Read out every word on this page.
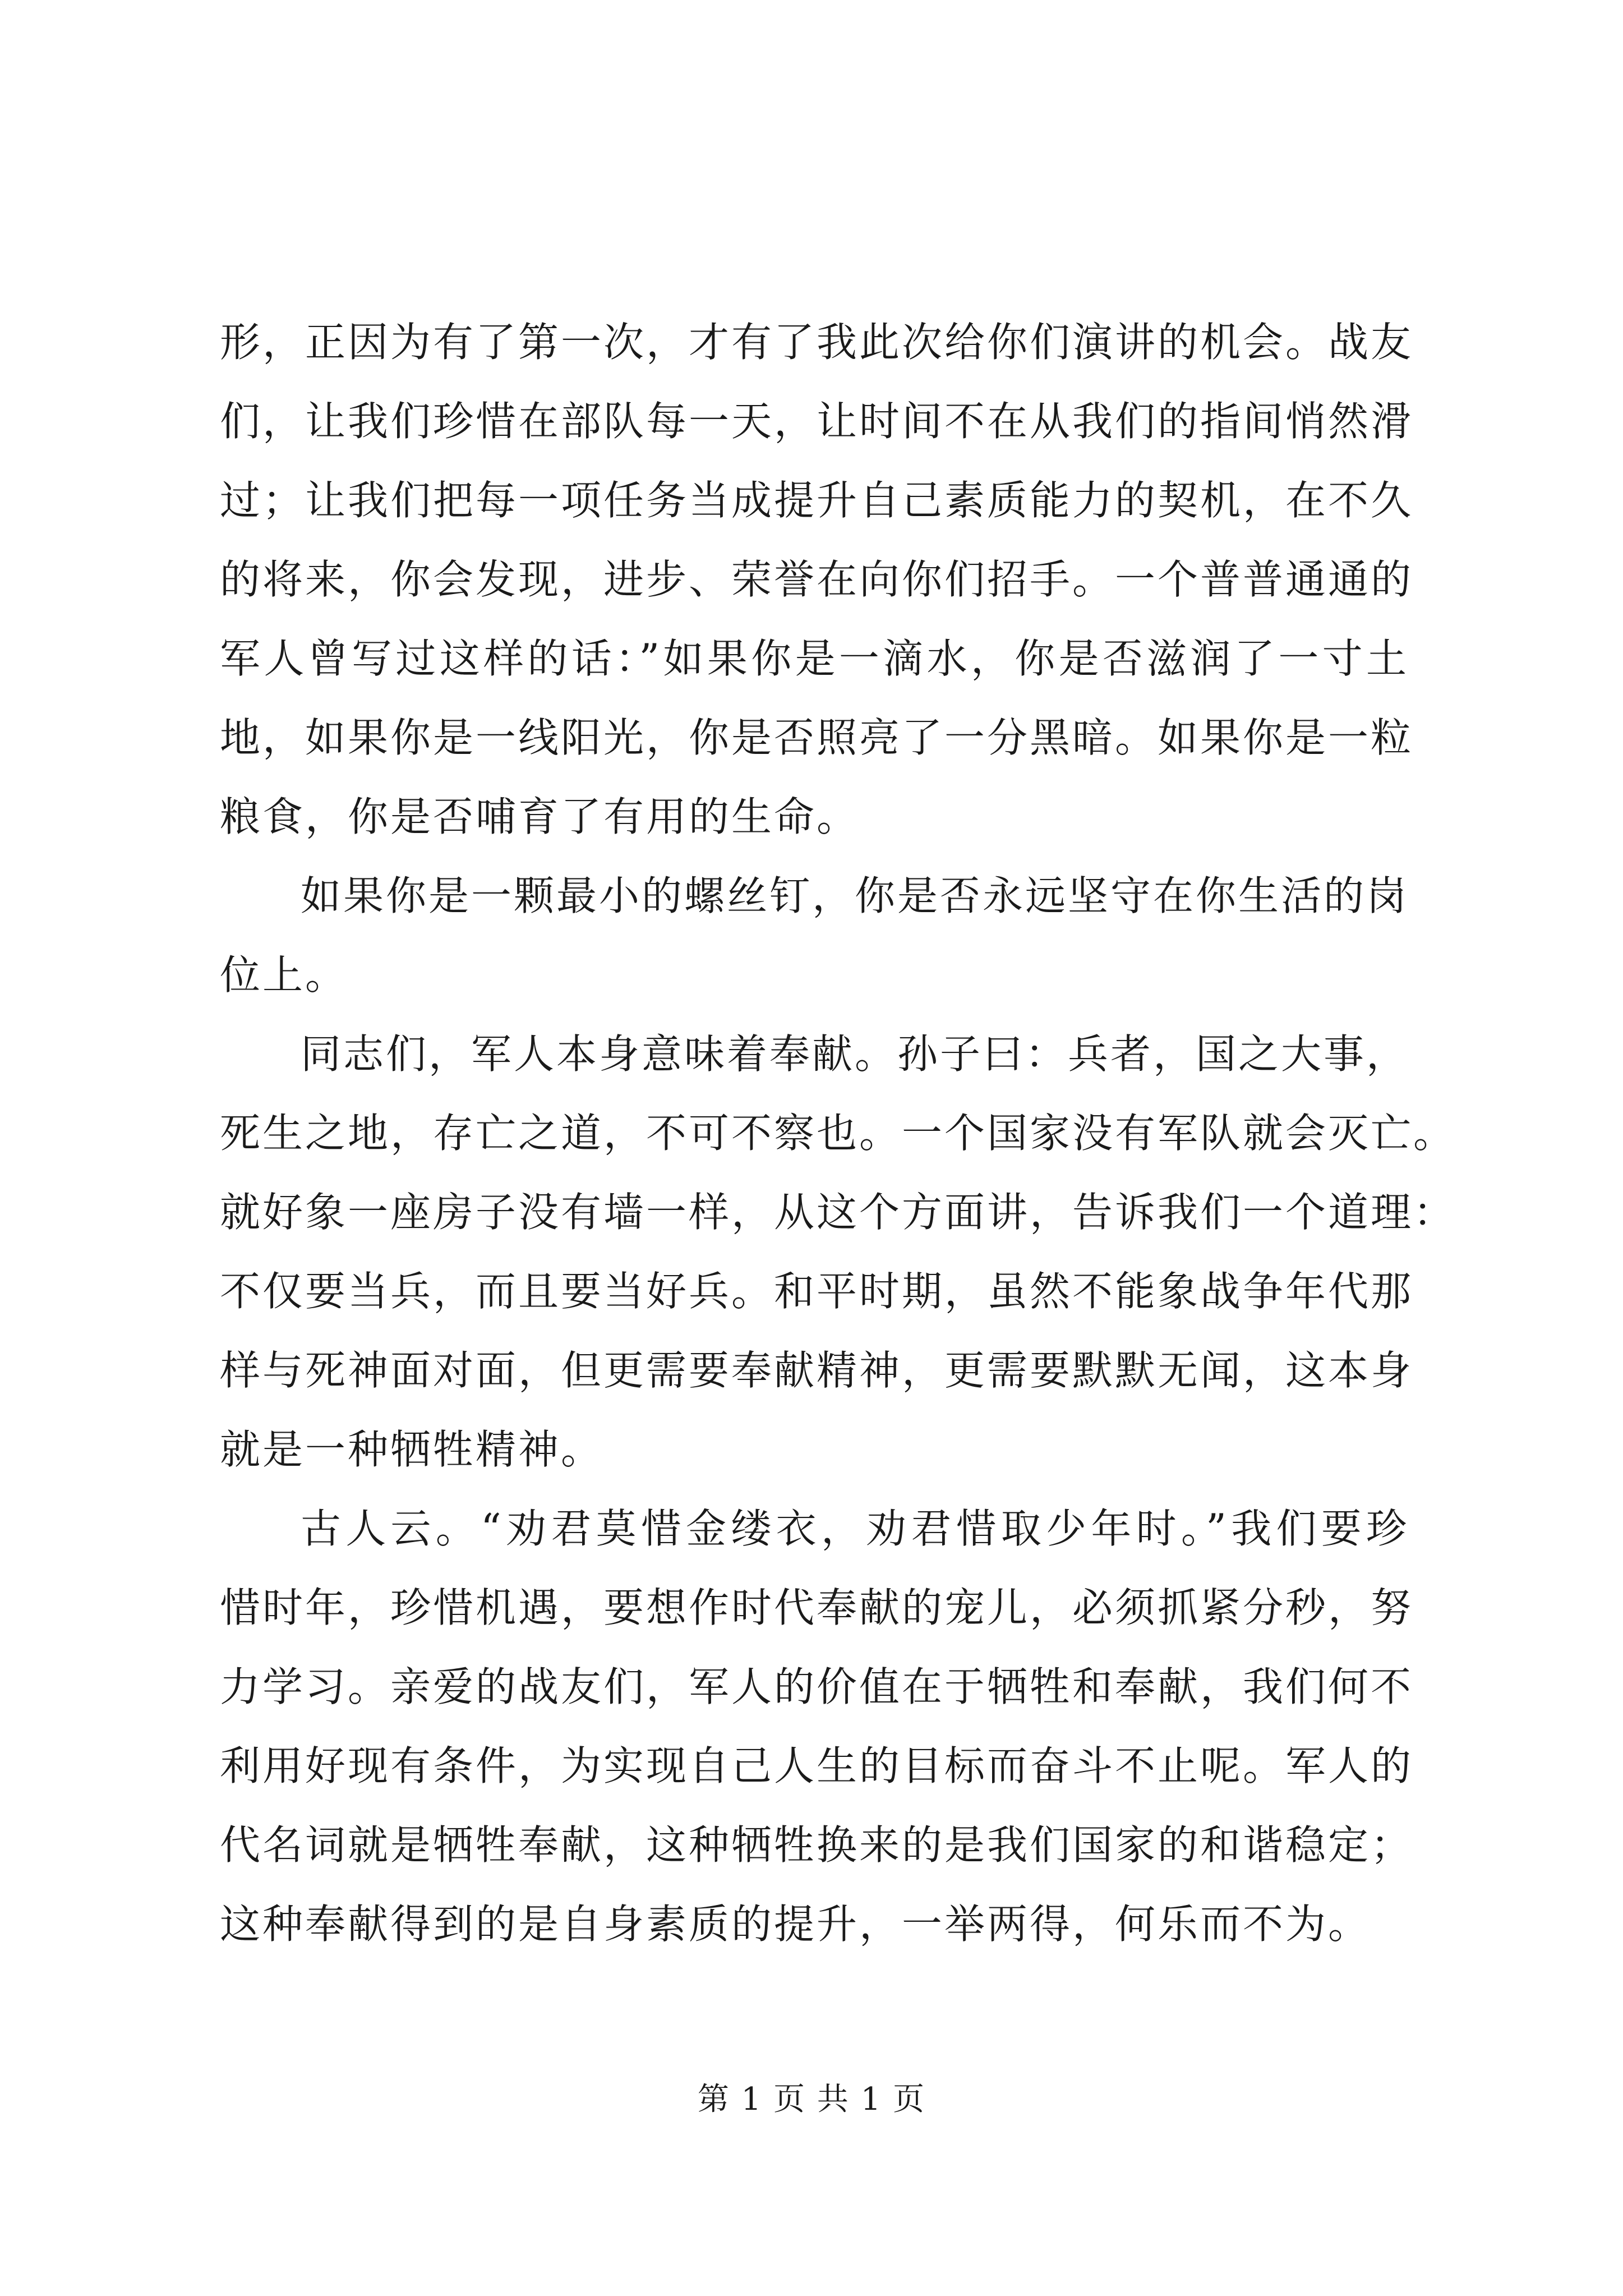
形，正因为有了第一次，才有了我此次给你们演讲的机会。战友
们，让我们珍惜在部队每一天，让时间不在从我们的指间悄然滑
过；让我们把每一项任务当成提升自己素质能力的契机，在不久
的将来，你会发现，进步、荣誉在向你们招手。一个普普通通的
军人曾写过这样的话：”如果你是一滴水，你是否滋润了一寸土
地，如果你是一线阳光，你是否照亮了一分黑暗。如果你是一粒
粮食，你是否哺育了有用的生命。
如果你是一颗最小的螺丝钉，你是否永远坚守在你生活的岗
位上。
同志们，军人本身意味着奉献。孙子曰：兵者，国之大事，
死生之地，存亡之道，不可不察也。一个国家没有军队就会灭亡。
就好象一座房子没有墙一样，从这个方面讲，告诉我们一个道理：
不仅要当兵，而且要当好兵。和平时期，虽然不能象战争年代那
样与死神面对面，但更需要奉献精神，更需要默默无闻，这本身
就是一种牺牲精神。
古人云。“劝君莫惜金缕衣，劝君惜取少年时。”我们要珍
惜时年，珍惜机遇，要想作时代奉献的宠儿，必须抓紧分秒，努
力学习。亲爱的战友们，军人的价值在于牺牲和奉献，我们何不
利用好现有条件，为实现自己人生的目标而奋斗不止呢。军人的
代名词就是牺牲奉献，这种牺牲换来的是我们国家的和谐稳定；
这种奉献得到的是自身素质的提升，一举两得，何乐而不为。
第 1 页 共 1 页
